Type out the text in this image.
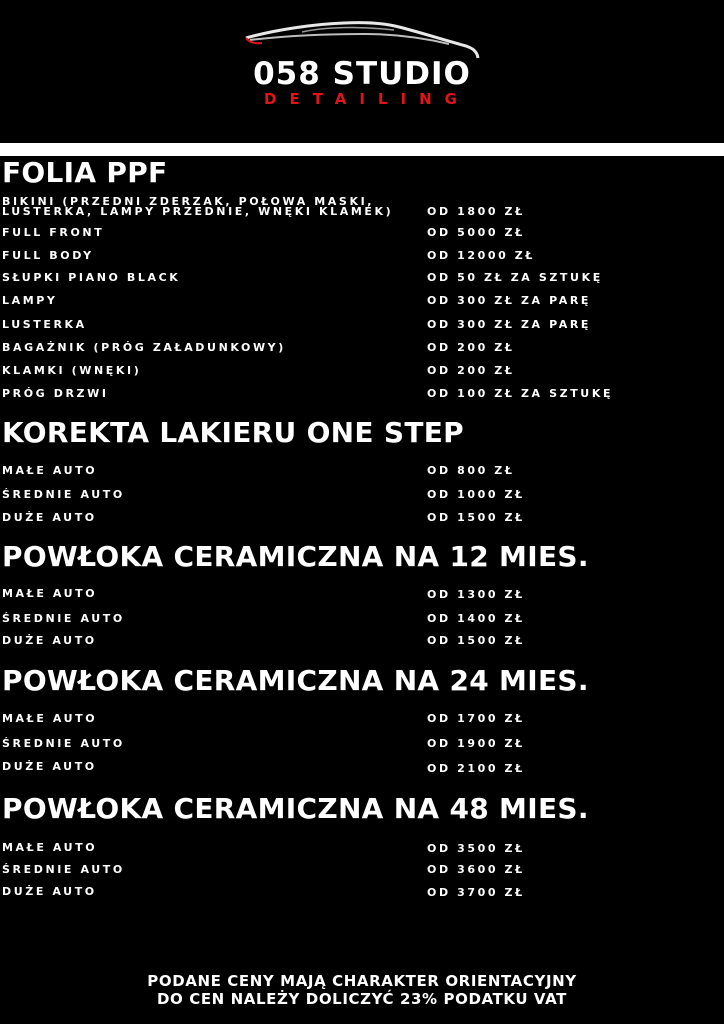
058 STUDIO
DETAILING
FOLIA PPF
BIKINI (PRZEDNI ZDERZAK, POŁOWA MASKI,
LUSTERKA, LAMPY PRZEDNIE, WNĘKI KLAMEK)	OD 1800 ZŁ
FULL FRONT	OD 5000 ZŁ
FULL BODY	OD 12000 ZŁ
SŁUPKI PIANO BLACK	OD 50 ZŁ ZA SZTUKĘ
LAMPY	OD 300 ZŁ ZA PARĘ
LUSTERKA	OD 300 ZŁ ZA PARĘ
BAGAŻNIK (PRÓG ZAŁADUNKOWY)	OD 200 ZŁ
KLAMKI (WNĘKI)	OD 200 ZŁ
PRÓG DRZWI	OD 100 ZŁ ZA SZTUKĘ
KOREKTA LAKIERU ONE STEP
MAŁE AUTO	OD 800 ZŁ
ŚREDNIE AUTO	OD 1000 ZŁ
DUŻE AUTO	OD 1500 ZŁ
POWŁOKA CERAMICZNA NA 12 MIES.
MAŁE AUTO	OD 1300 ZŁ
ŚREDNIE AUTO	OD 1400 ZŁ
DUŻE AUTO	OD 1500 ZŁ
POWŁOKA CERAMICZNA NA 24 MIES.
MAŁE AUTO	OD 1700 ZŁ
ŚREDNIE AUTO	OD 1900 ZŁ
DUŻE AUTO	OD 2100 ZŁ
POWŁOKA CERAMICZNA NA 48 MIES.
MAŁE AUTO	OD 3500 ZŁ
ŚREDNIE AUTO	OD 3600 ZŁ
DUŻE AUTO	OD 3700 ZŁ
PODANE CENY MAJĄ CHARAKTER ORIENTACYJNY
DO CEN NALEŻY DOLICZYĆ 23% PODATKU VAT
